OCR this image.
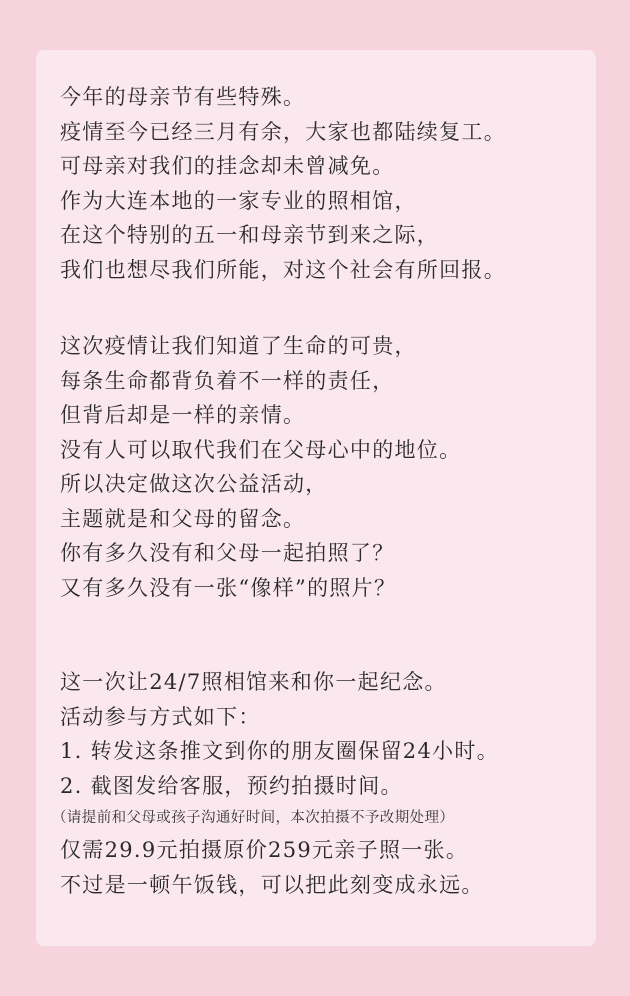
今年的母亲节有些特殊。
疫情至今已经三月有余，大家也都陆续复工。
可母亲对我们的挂念却未曾减免。
作为大连本地的一家专业的照相馆，
在这个特别的五一和母亲节到来之际，
我们也想尽我们所能，对这个社会有所回报。
这次疫情让我们知道了生命的可贵，
每条生命都背负着不一样的责任，
但背后却是一样的亲情。
没有人可以取代我们在父母心中的地位。
所以决定做这次公益活动，
主题就是和父母的留念。
你有多久没有和父母一起拍照了？
又有多久没有一张“像样”的照片？
这一次让24/7照相馆来和你一起纪念。
活动参与方式如下：
1. 转发这条推文到你的朋友圈保留24小时。
2. 截图发给客服，预约拍摄时间。
（请提前和父母或孩子沟通好时间，本次拍摄不予改期处理）
仅需29.9元拍摄原价259元亲子照一张。
不过是一顿午饭钱，可以把此刻变成永远。
